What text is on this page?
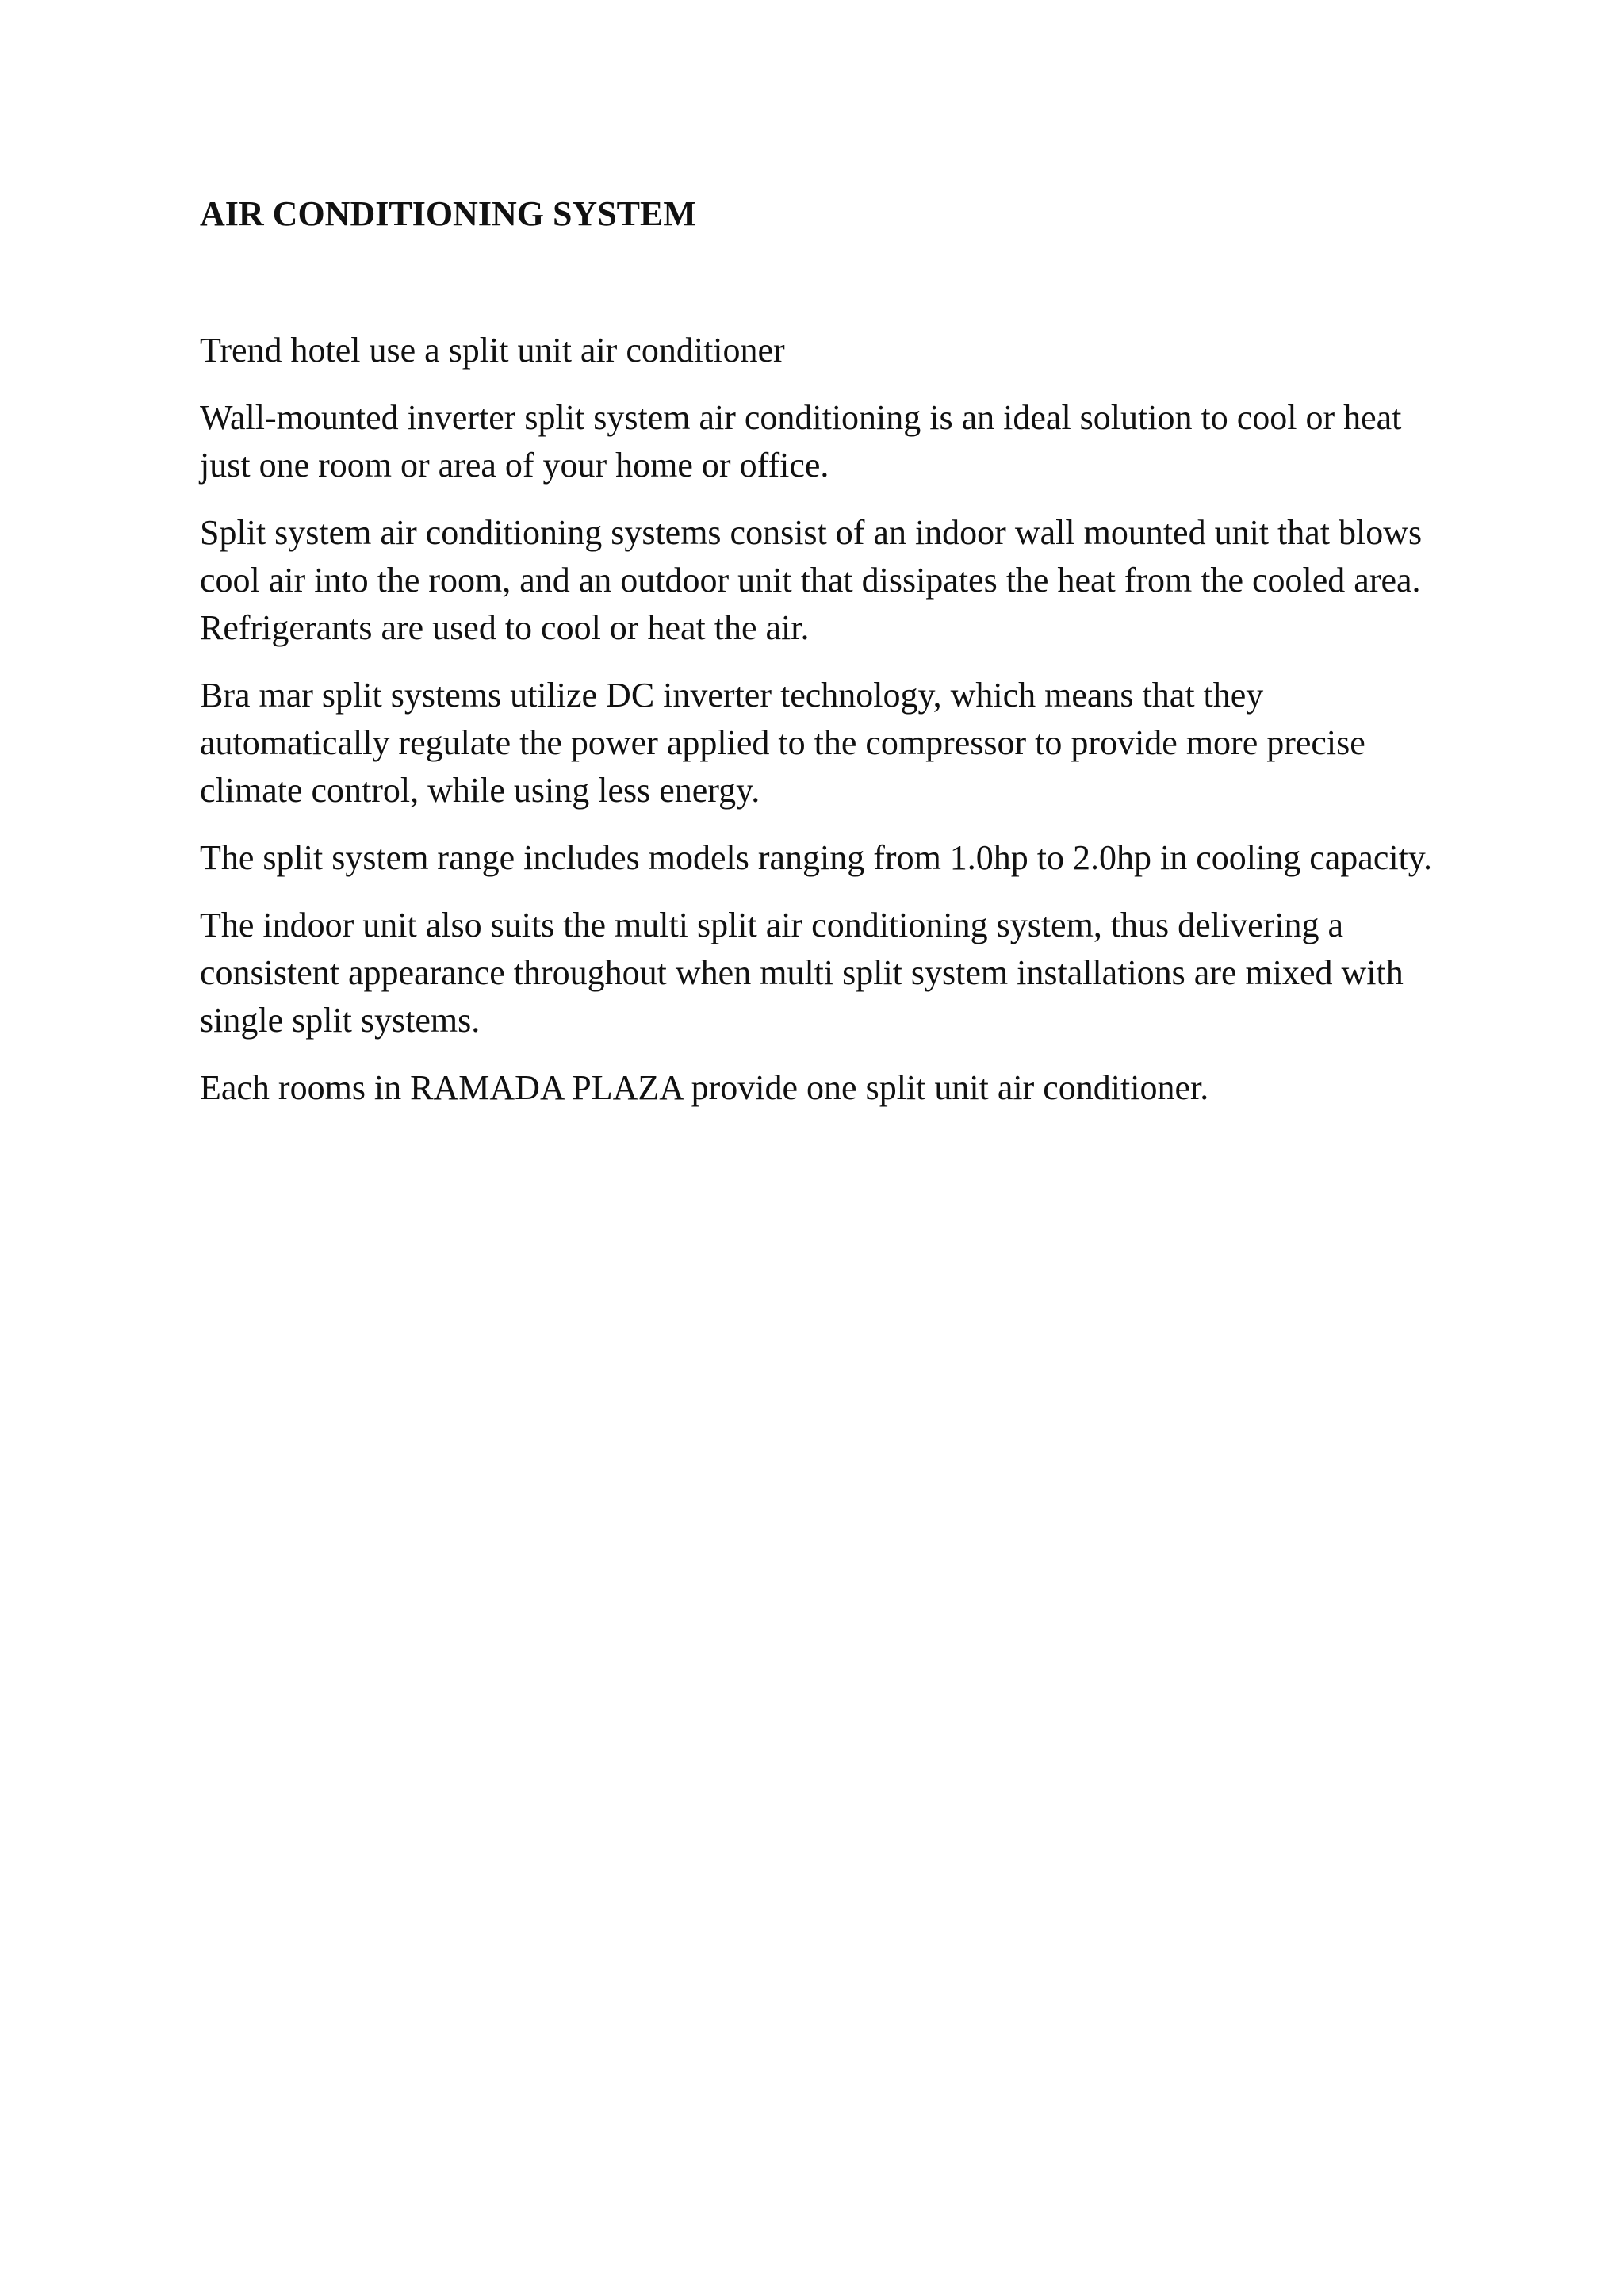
AIR CONDITIONING SYSTEM

Trend hotel use a split unit air conditioner

Wall-mounted inverter split system air conditioning is an ideal solution to cool or heat just one room or area of your home or office.

Split system air conditioning systems consist of an indoor wall mounted unit that blows cool air into the room, and an outdoor unit that dissipates the heat from the cooled area. Refrigerants are used to cool or heat the air.

Bra mar split systems utilize DC inverter technology, which means that they automatically regulate the power applied to the compressor to provide more precise climate control, while using less energy.

The split system range includes models ranging from 1.0hp to 2.0hp in cooling capacity.

The indoor unit also suits the multi split air conditioning system, thus delivering a consistent appearance throughout when multi split system installations are mixed with single split systems.

Each rooms in RAMADA PLAZA provide one split unit air conditioner.
